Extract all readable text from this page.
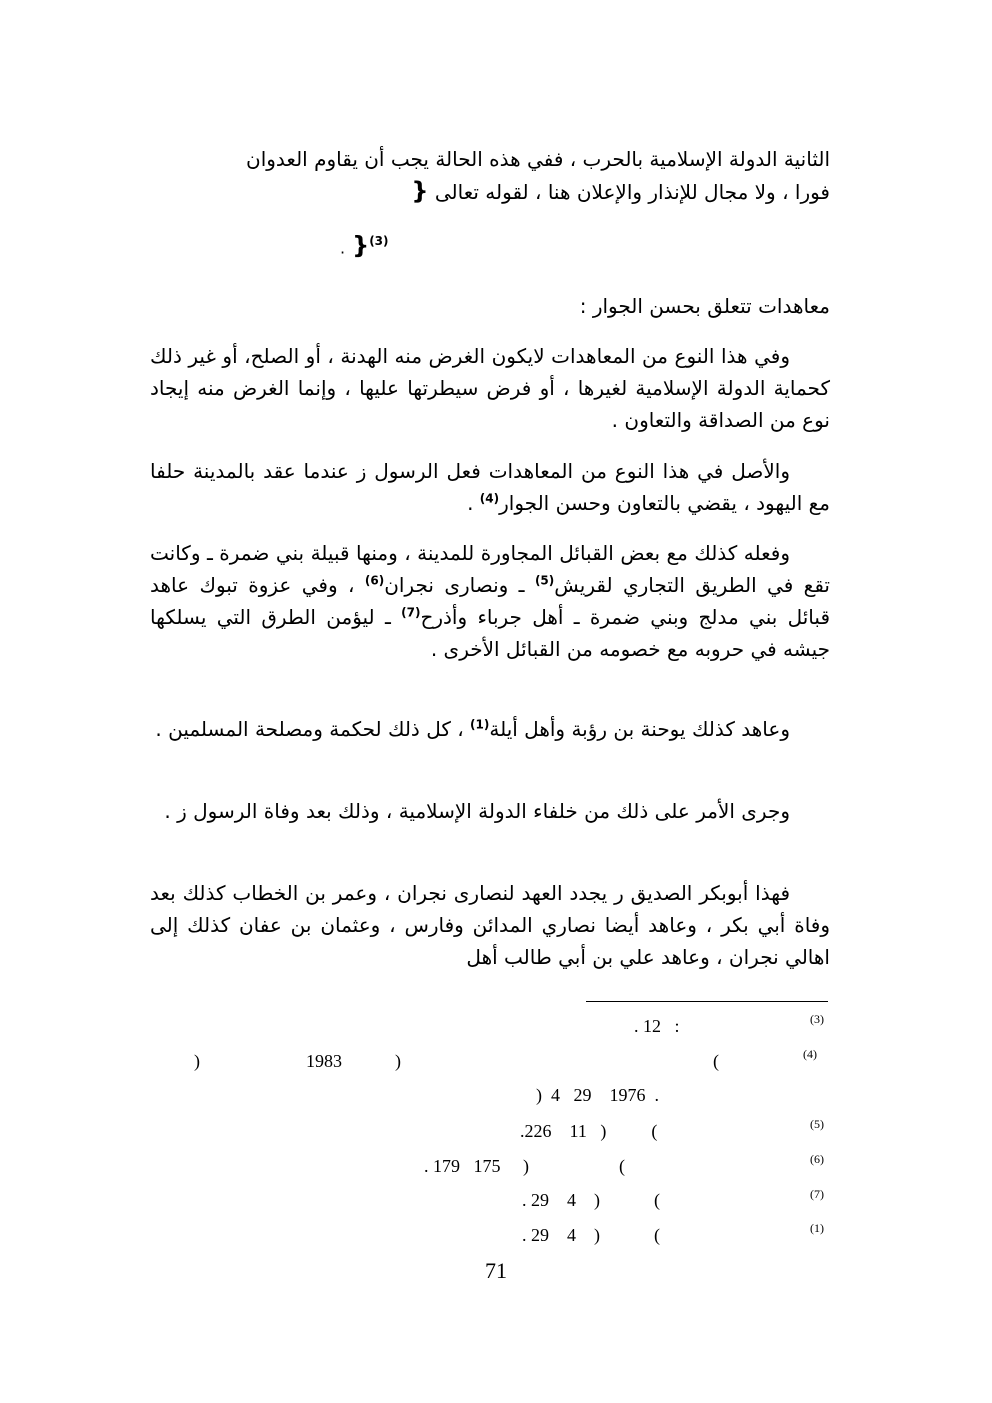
الثانية الدولة الإسلامية بالحرب ، ففي هذه الحالة يجب أن يقاوم العدوان
فورا ، ولا مجال للإنذار والإعلان هنا ، لقوله تعالى {
. }$^{(3)}$
معاهدات تتعلق بحسن الجوار :

وفي هذا النوع من المعاهدات لايكون الغرض منه الهدنة ، أو الصلح، أو غير ذلك كحماية الدولة الإسلامية لغيرها ، أو فرض سيطرتها عليها ، وإنما الغرض منه إيجاد نوع من الصداقة والتعاون .

والأصل في هذا النوع من المعاهدات فعل الرسول ز عندما عقد بالمدينة حلفا مع اليهود ، يقضي بالتعاون وحسن الجوار$^{(4)}$ .

وفعله كذلك مع بعض القبائل المجاورة للمدينة ، ومنها قبيلة بني ضمرة ـ وكانت تقع في الطريق التجاري لقريش$^{(5)}$ ـ ونصارى نجران$^{(6)}$ ، وفي عزوة تبوك عاهد قبائل بني مدلج وبني ضمرة ـ أهل جرباء وأذرح$^{(7)}$ ـ ليؤمن الطرق التي يسلكها جيشه في حروبه مع خصومه من القبائل الأخرى .

وعاهد كذلك يوحنة بن رؤبة وأهل أيلة$^{(1)}$ ، كل ذلك لحكمة ومصلحة المسلمين .

وجرى الأمر على ذلك من خلفاء الدولة الإسلامية ، وذلك بعد وفاة الرسول ز .

فهذا أبوبكر الصديق ر يجدد العهد لنصارى نجران ، وعمر بن الخطاب كذلك بعد وفاة أبي بكر ، وعاهد أيضا نصاري المدائن وفارس ، وعثمان بن عفان كذلك إلى اهالي نجران ، وعاهد علي بن أبي طالب أهل

(3)
. 12   :
(4)
)	1983	)	(
)  4   29    1976  .
(5)
.226    11   )          (
(6)
. 179   175     )                    (
(7)
. 29    4    )            (
(1)
. 29    4    )            (
71
